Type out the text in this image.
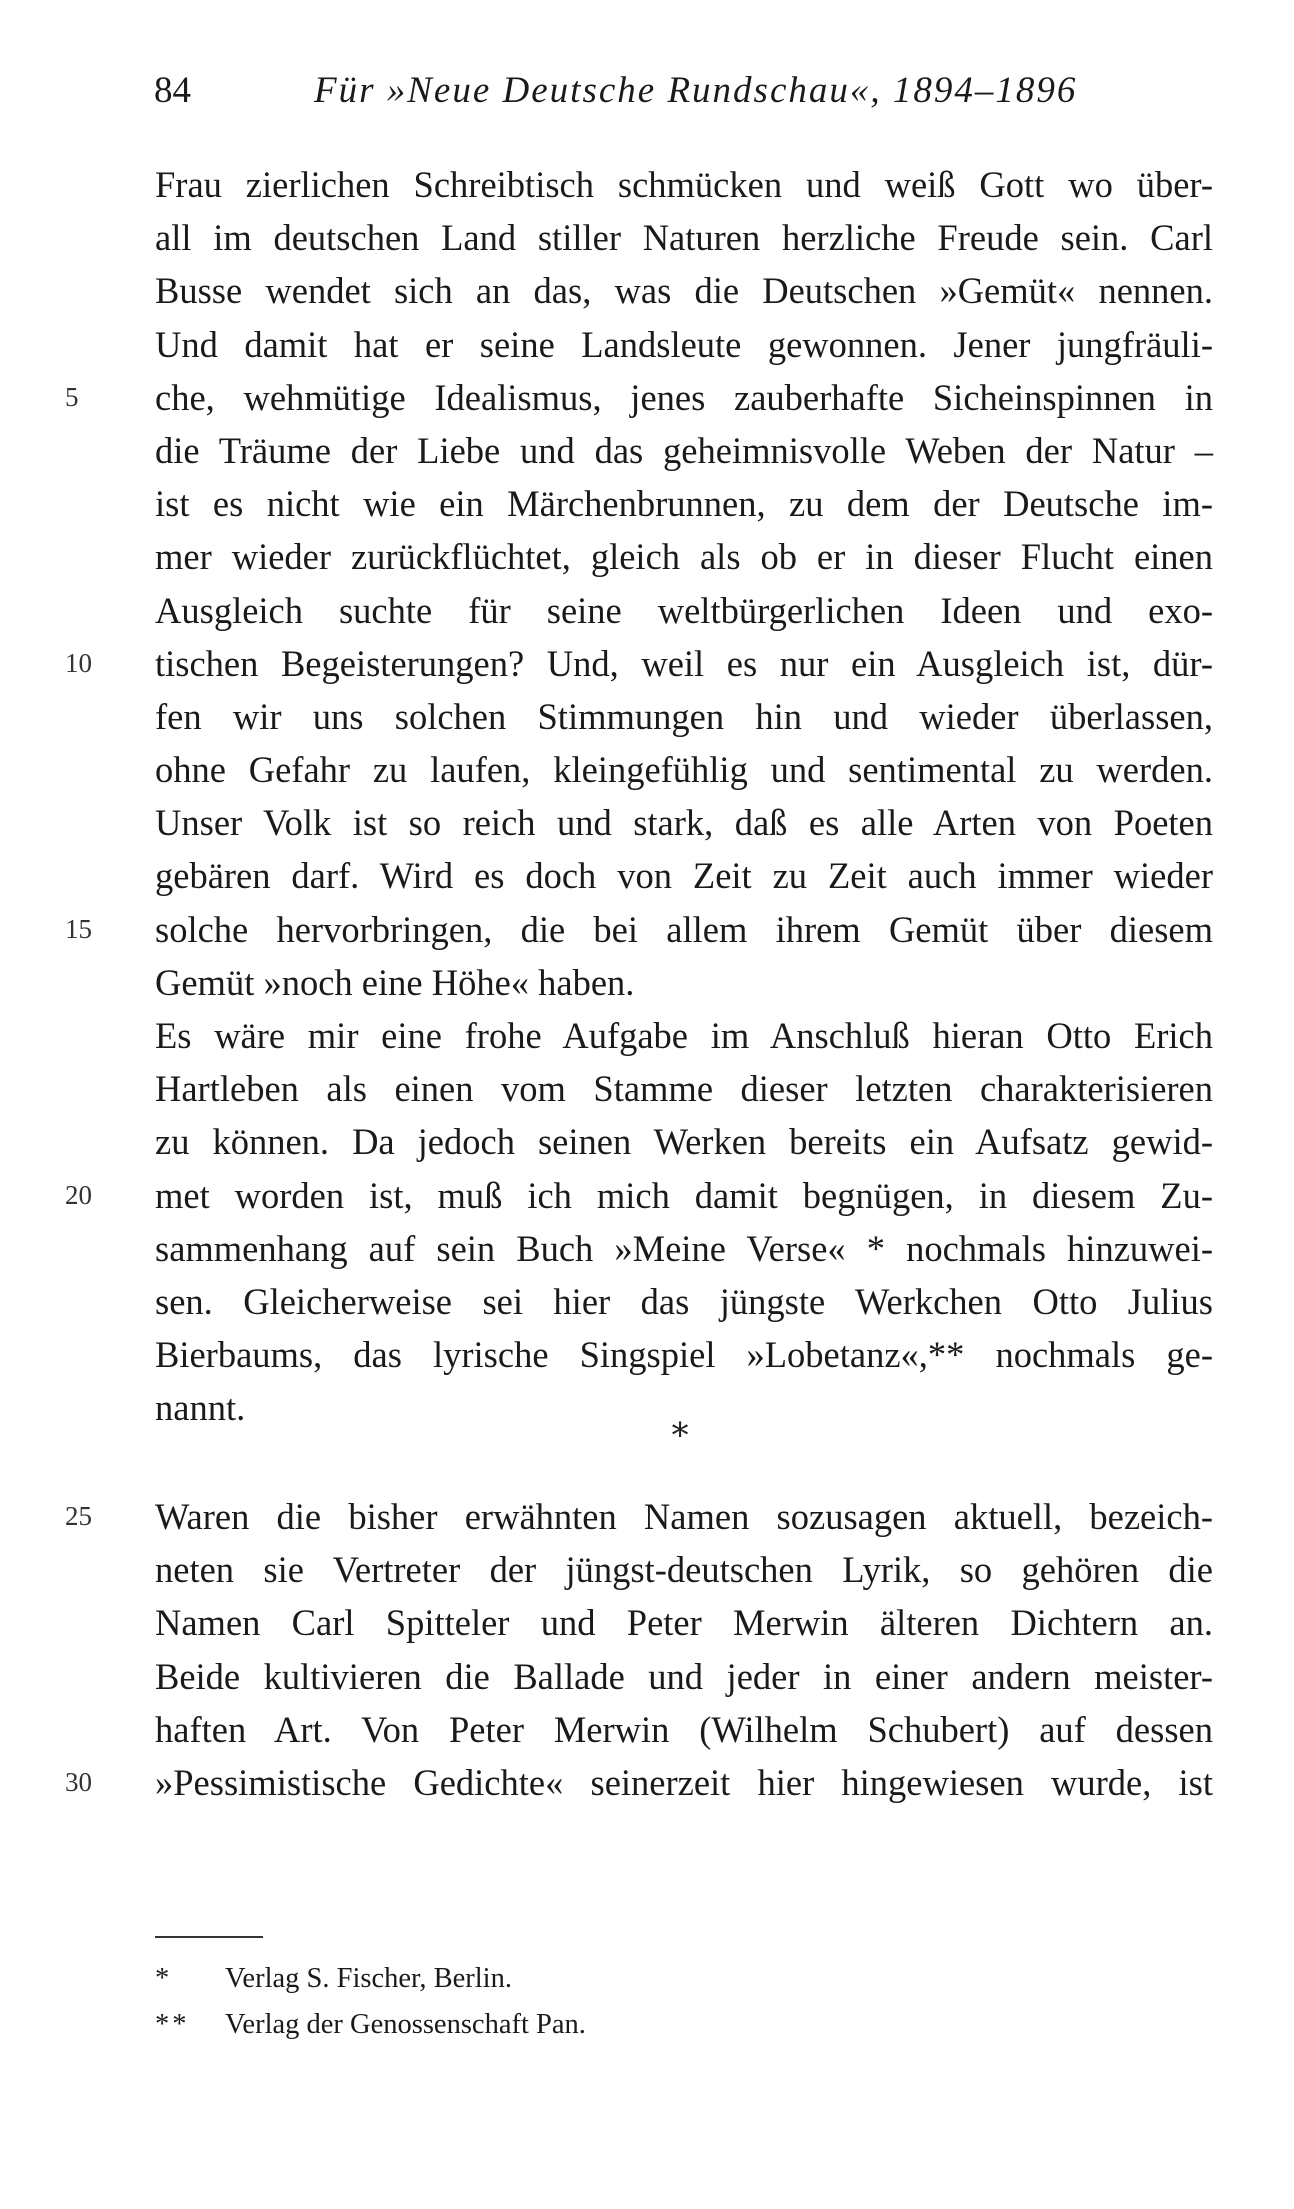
84	Für »Neue Deutsche Rundschau«, 1894–1896
Frau zierlichen Schreibtisch schmücken und weiß Gott wo über-
all im deutschen Land stiller Naturen herzliche Freude sein. Carl
Busse wendet sich an das, was die Deutschen »Gemüt« nennen.
Und damit hat er seine Landsleute gewonnen. Jener jungfräuli-
5	che, wehmütige Idealismus, jenes zauberhafte Sicheinspinnen in
die Träume der Liebe und das geheimnisvolle Weben der Natur –
ist es nicht wie ein Märchenbrunnen, zu dem der Deutsche im-
mer wieder zurückflüchtet, gleich als ob er in dieser Flucht einen
Ausgleich suchte für seine weltbürgerlichen Ideen und exo-
10	tischen Begeisterungen? Und, weil es nur ein Ausgleich ist, dür-
fen wir uns solchen Stimmungen hin und wieder überlassen,
ohne Gefahr zu laufen, kleingefühlig und sentimental zu werden.
Unser Volk ist so reich und stark, daß es alle Arten von Poeten
gebären darf. Wird es doch von Zeit zu Zeit auch immer wieder
15	solche hervorbringen, die bei allem ihrem Gemüt über diesem
Gemüt »noch eine Höhe« haben.
Es wäre mir eine frohe Aufgabe im Anschluß hieran Otto Erich
Hartleben als einen vom Stamme dieser letzten charakterisieren
zu können. Da jedoch seinen Werken bereits ein Aufsatz gewid-
20	met worden ist, muß ich mich damit begnügen, in diesem Zu-
sammenhang auf sein Buch »Meine Verse« * nochmals hinzuwei-
sen. Gleicherweise sei hier das jüngste Werkchen Otto Julius
Bierbaums, das lyrische Singspiel »Lobetanz«,** nochmals ge-
nannt.
∗
25	Waren die bisher erwähnten Namen sozusagen aktuell, bezeich-
neten sie Vertreter der jüngst-deutschen Lyrik, so gehören die
Namen Carl Spitteler und Peter Merwin älteren Dichtern an.
Beide kultivieren die Ballade und jeder in einer andern meister-
haften Art. Von Peter Merwin (Wilhelm Schubert) auf dessen
30	»Pessimistische Gedichte« seinerzeit hier hingewiesen wurde, ist
*	Verlag S. Fischer, Berlin.
**	Verlag der Genossenschaft Pan.
